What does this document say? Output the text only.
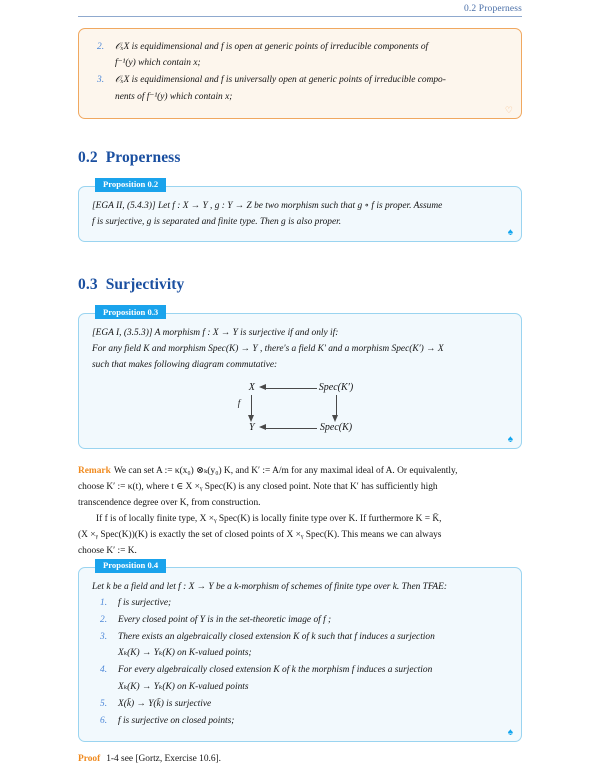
0.2 Properness
2. 𝒪ₓX is equidimensional and f is open at generic points of irreducible components of
f⁻¹(y) which contain x;
3. 𝒪ₓX is equidimensional and f is universally open at generic points of irreducible compo-
nents of f⁻¹(y) which contain x;
♡
0.2 Properness
Proposition 0.2
[EGA II, (5.4.3)] Let f : X → Y , g : Y → Z be two morphism such that g ∘ f is proper. Assume
f is surjective, g is separated and finite type. Then g is also proper.
♠
0.3 Surjectivity
Proposition 0.3
[EGA I, (3.5.3)] A morphism f : X → Y is surjective if and only if:
For any field K and morphism Spec(K) → Y , there's a field K′ and a morphism Spec(K′) → X
such that makes following diagram commutative:
X		Spec(K′)

f		

Y		Spec(K)
♠
Remark We can set A := κ(x₀) ⊗ₖ(y₀) K, and K′ := A/m for any maximal ideal of A. Or equivalently,
choose K′ := κ(t), where t ∈ X ×ᵧ Spec(K) is any closed point. Note that K′ has sufficiently high
transcendence degree over K, from construction.
If f is of locally finite type, X ×ᵧ Spec(K) is locally finite type over K. If furthermore K = K̄,
(X ×ᵧ Spec(K))(K) is exactly the set of closed points of X ×ᵧ Spec(K). This means we can always
choose K′ := K.
Proposition 0.4
Let k be a field and let f : X → Y be a k-morphism of schemes of finite type over k. Then TFAE:
1. f is surjective;
2. Every closed point of Y is in the set-theoretic image of f ;
3. There exists an algebraically closed extension K of k such that f induces a surjection
Xₖ(K) → Yₖ(K) on K-valued points;
4. For every algebraically closed extension K of k the morphism f induces a surjection
Xₖ(K) → Yₖ(K) on K-valued points
5. X(k̄) → Y(k̄) is surjective
6. f is surjective on closed points;
♠
Proof 1-4 see [Gortz, Exercise 10.6].
